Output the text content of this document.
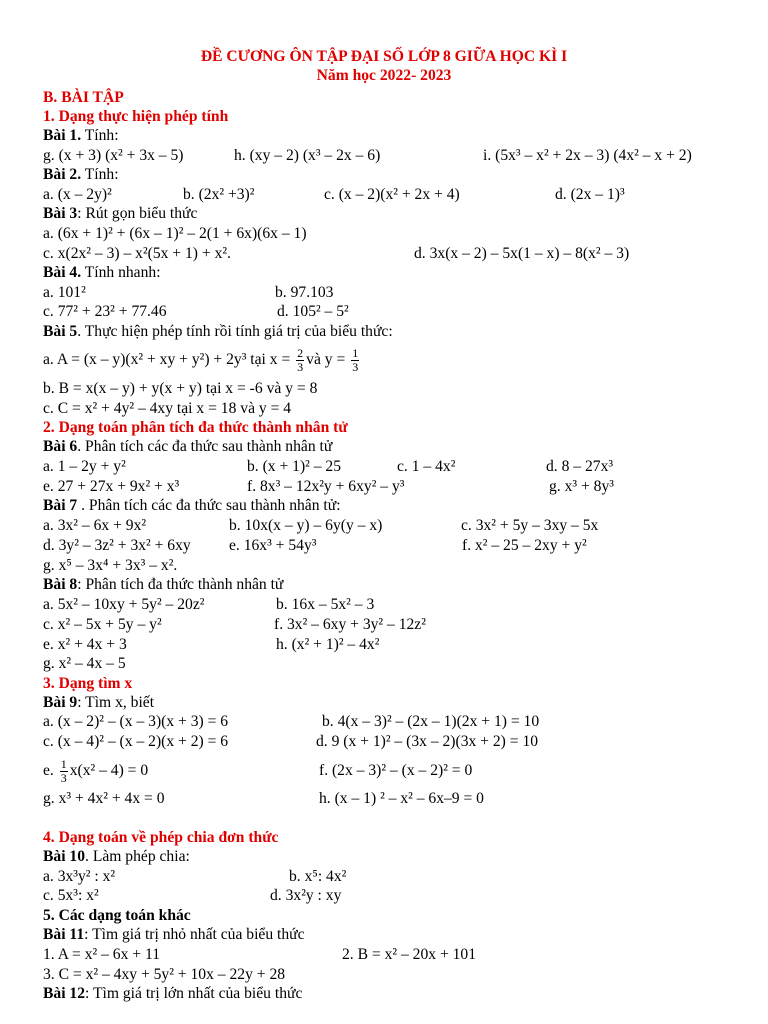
ĐỀ CƯƠNG ÔN TẬP ĐẠI SỐ LỚP 8 GIỮA HỌC KÌ I
Năm học 2022- 2023
B. BÀI TẬP
1. Dạng thực hiện phép tính
Bài 1. Tính:
g. (x + 3) (x² + 3x – 5)	h. (xy – 2) (x³ – 2x – 6)	i. (5x³ – x² + 2x – 3) (4x² – x + 2)
Bài 2. Tính:
a. (x – 2y)²	b. (2x² +3)²	c. (x – 2)(x² + 2x + 4)	d. (2x – 1)³
Bài 3: Rút gọn biểu thức
a. (6x + 1)² + (6x – 1)² – 2(1 + 6x)(6x – 1)
c. x(2x² – 3) – x²(5x + 1) + x².	d. 3x(x – 2) – 5x(1 – x) – 8(x² – 3)
Bài 4. Tính nhanh:
a. 101²	b. 97.103
c. 77² + 23² + 77.46	d. 105² – 5²
Bài 5. Thực hiện phép tính rồi tính giá trị của biểu thức:
a. A = (x – y)(x² + xy + y²) + 2y³ tại $x = \frac{2}{3}$ và $y = \frac{1}{3}$
b. B = x(x – y) + y(x + y) tại x = -6 và y = 8
c. C = x² + 4y² – 4xy tại x = 18 và y = 4
2. Dạng toán phân tích đa thức thành nhân tử
Bài 6. Phân tích các đa thức sau thành nhân tử
a. 1 – 2y + y²	b. (x + 1)² – 25	c. 1 – 4x²	d. 8 – 27x³
e. 27 + 27x + 9x² + x³	f. 8x³ – 12x²y + 6xy² – y³	g. x³ + 8y³
Bài 7 . Phân tích các đa thức sau thành nhân tử:
a. 3x² – 6x + 9x²	b. 10x(x – y) – 6y(y – x)	c. 3x² + 5y – 3xy – 5x
d. 3y² – 3z² + 3x² + 6xy e. 16x³ + 54y³	f. x² – 25 – 2xy + y²
g. x⁵ – 3x⁴ + 3x³ – x².
Bài 8: Phân tích đa thức thành nhân tử
a. 5x² – 10xy + 5y² – 20z²	b. 16x – 5x² – 3
c. x² – 5x + 5y – y²	f. 3x² – 6xy + 3y² – 12z²
e. x² + 4x + 3	h. (x² + 1)² – 4x²
g. x² – 4x – 5
3. Dạng tìm x
Bài 9: Tìm x, biết
a. (x – 2)² – (x – 3)(x + 3) = 6	b. 4(x – 3)² – (2x – 1)(2x + 1) = 10
c. (x – 4)² – (x – 2)(x + 2) = 6	d. 9 (x + 1)² – (3x – 2)(3x + 2) = 10
e. $\frac{1}{3} x(x^2 - 4) = 0$	f. (2x – 3)² – (x – 2)² = 0
g. x³ + 4x² + 4x = 0	h. (x – 1) ² – x² – 6x–9 = 0
4. Dạng toán về phép chia đơn thức
Bài 10. Làm phép chia:
a. 3x³y² : x²	b. x⁵: 4x²
c. 5x³: x²	d. 3x²y : xy
5. Các dạng toán khác
Bài 11: Tìm giá trị nhỏ nhất của biểu thức
1. A = x² – 6x + 11	2. B = x² – 20x + 101
3. C = x² – 4xy + 5y² + 10x – 22y + 28
Bài 12: Tìm giá trị lớn nhất của biểu thức
